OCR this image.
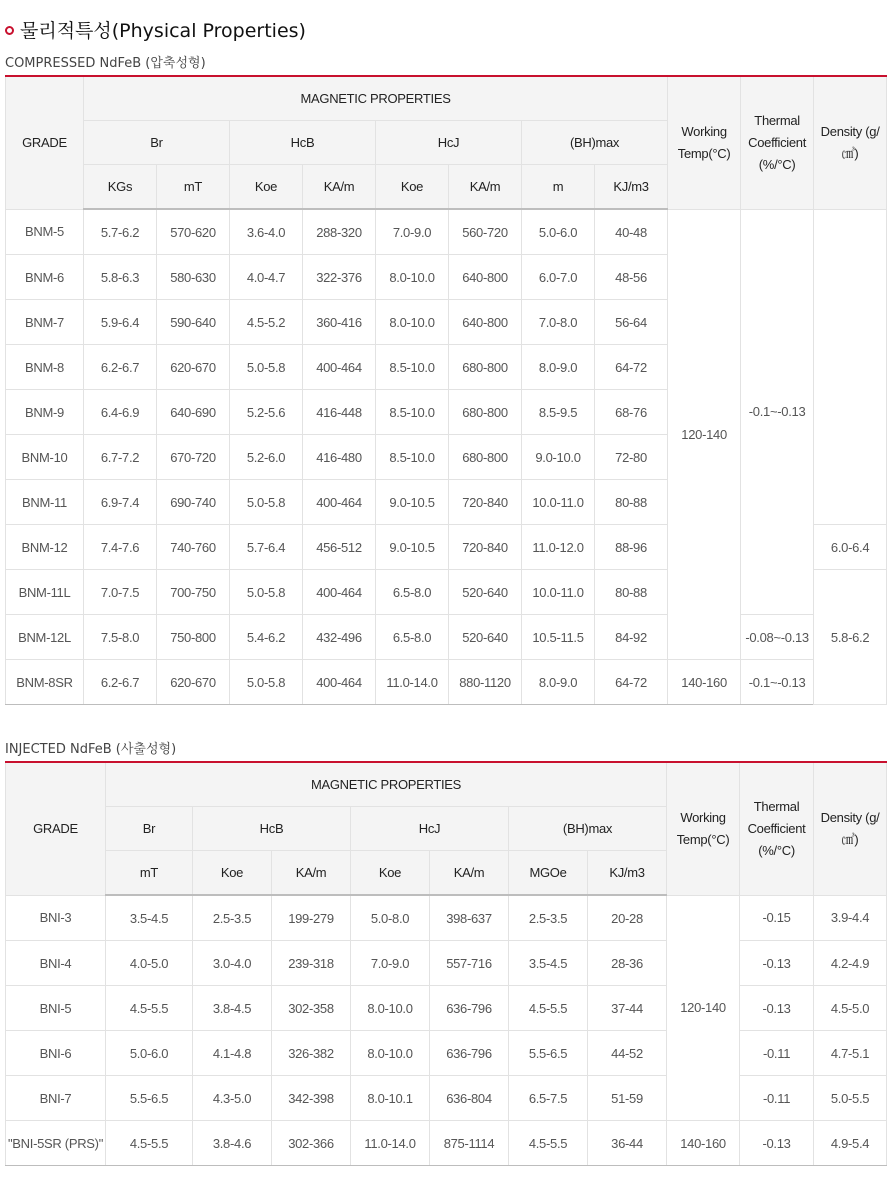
물리적특성(Physical Properties)
COMPRESSED NdFeB (압축성형)
GRADE	MAGNETIC PROPERTIES								Working Temp(°C)	Thermal Coefficient (%/°C)	Density (g/㎤)
	Br		HcB		HcJ		(BH)max				
	KGs	mT	Koe	KA/m	Koe	KA/m	m	KJ/m3			
BNM-5	5.7-6.2	570-620	3.6-4.0	288-320	7.0-9.0	560-720	5.0-6.0	40-48	120-140	-0.1~-0.13	
BNM-6	5.8-6.3	580-630	4.0-4.7	322-376	8.0-10.0	640-800	6.0-7.0	48-56			
BNM-7	5.9-6.4	590-640	4.5-5.2	360-416	8.0-10.0	640-800	7.0-8.0	56-64			
BNM-8	6.2-6.7	620-670	5.0-5.8	400-464	8.5-10.0	680-800	8.0-9.0	64-72			
BNM-9	6.4-6.9	640-690	5.2-5.6	416-448	8.5-10.0	680-800	8.5-9.5	68-76			
BNM-10	6.7-7.2	670-720	5.2-6.0	416-480	8.5-10.0	680-800	9.0-10.0	72-80			
BNM-11	6.9-7.4	690-740	5.0-5.8	400-464	9.0-10.5	720-840	10.0-11.0	80-88			
BNM-12	7.4-7.6	740-760	5.7-6.4	456-512	9.0-10.5	720-840	11.0-12.0	88-96			6.0-6.4
BNM-11L	7.0-7.5	700-750	5.0-5.8	400-464	6.5-8.0	520-640	10.0-11.0	80-88			5.8-6.2
BNM-12L	7.5-8.0	750-800	5.4-6.2	432-496	6.5-8.0	520-640	10.5-11.5	84-92		-0.08~-0.13	
BNM-8SR	6.2-6.7	620-670	5.0-5.8	400-464	11.0-14.0	880-1120	8.0-9.0	64-72	140-160	-0.1~-0.13	
INJECTED NdFeB (사출성형)
GRADE	MAGNETIC PROPERTIES							Working Temp(°C)	Thermal Coefficient (%/°C)	Density (g/㎤)
	Br	HcB		HcJ		(BH)max				
	mT	Koe	KA/m	Koe	KA/m	MGOe	KJ/m3			
BNI-3	3.5-4.5	2.5-3.5	199-279	5.0-8.0	398-637	2.5-3.5	20-28	120-140	-0.15	3.9-4.4
BNI-4	4.0-5.0	3.0-4.0	239-318	7.0-9.0	557-716	3.5-4.5	28-36		-0.13	4.2-4.9
BNI-5	4.5-5.5	3.8-4.5	302-358	8.0-10.0	636-796	4.5-5.5	37-44		-0.13	4.5-5.0
BNI-6	5.0-6.0	4.1-4.8	326-382	8.0-10.0	636-796	5.5-6.5	44-52		-0.11	4.7-5.1
BNI-7	5.5-6.5	4.3-5.0	342-398	8.0-10.1	636-804	6.5-7.5	51-59		-0.11	5.0-5.5
"BNI-5SR (PRS)"	4.5-5.5	3.8-4.6	302-366	11.0-14.0	875-1114	4.5-5.5	36-44	140-160	-0.13	4.9-5.4
